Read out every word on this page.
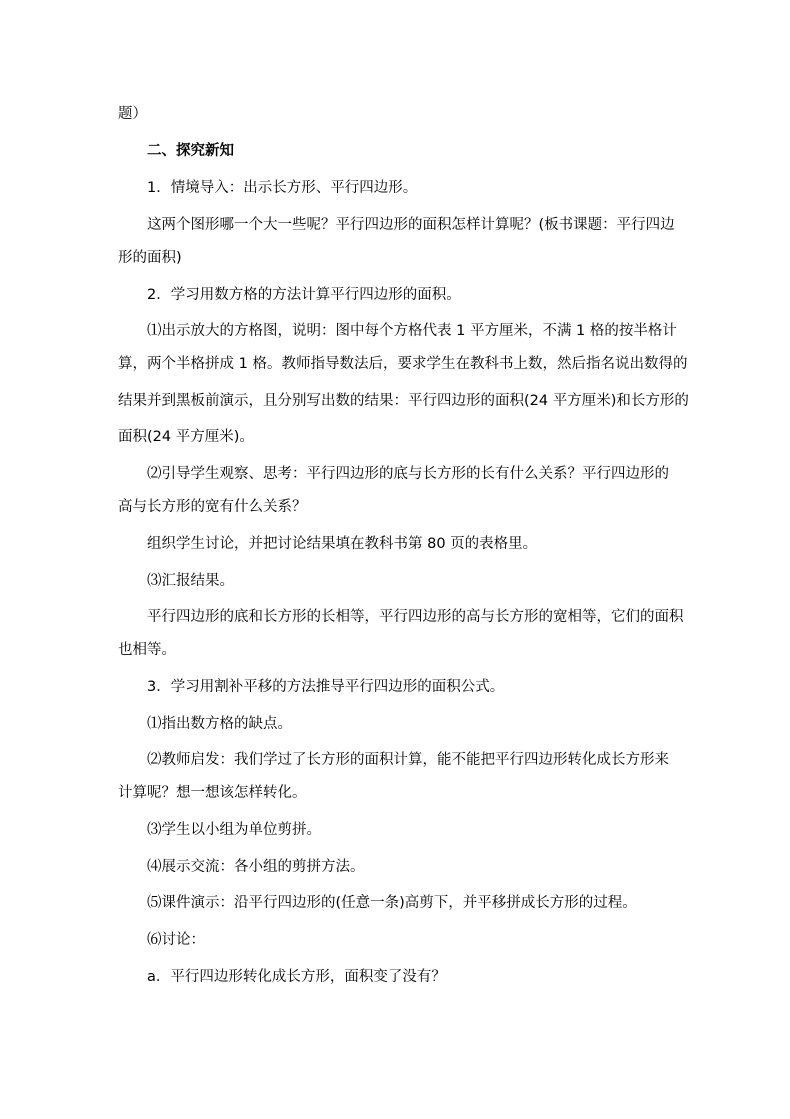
题）
二、探究新知
1．情境导入：出示长方形、平行四边形。
这两个图形哪一个大一些呢？平行四边形的面积怎样计算呢？(板书课题：平行四边
形的面积)
2．学习用数方格的方法计算平行四边形的面积。
⑴出示放大的方格图，说明：图中每个方格代表 1 平方厘米，不满 1 格的按半格计
算，两个半格拼成 1 格。教师指导数法后，要求学生在教科书上数，然后指名说出数得的
结果并到黑板前演示，且分别写出数的结果：平行四边形的面积(24 平方厘米)和长方形的
面积(24 平方厘米)。
⑵引导学生观察、思考：平行四边形的底与长方形的长有什么关系？平行四边形的
高与长方形的宽有什么关系？
组织学生讨论，并把讨论结果填在教科书第 80 页的表格里。
⑶汇报结果。
平行四边形的底和长方形的长相等，平行四边形的高与长方形的宽相等，它们的面积
也相等。
3．学习用割补平移的方法推导平行四边形的面积公式。
⑴指出数方格的缺点。
⑵教师启发：我们学过了长方形的面积计算，能不能把平行四边形转化成长方形来
计算呢？想一想该怎样转化。
⑶学生以小组为单位剪拼。
⑷展示交流：各小组的剪拼方法。
⑸课件演示：沿平行四边形的(任意一条)高剪下，并平移拼成长方形的过程。
⑹讨论：
a．平行四边形转化成长方形，面积变了没有？
